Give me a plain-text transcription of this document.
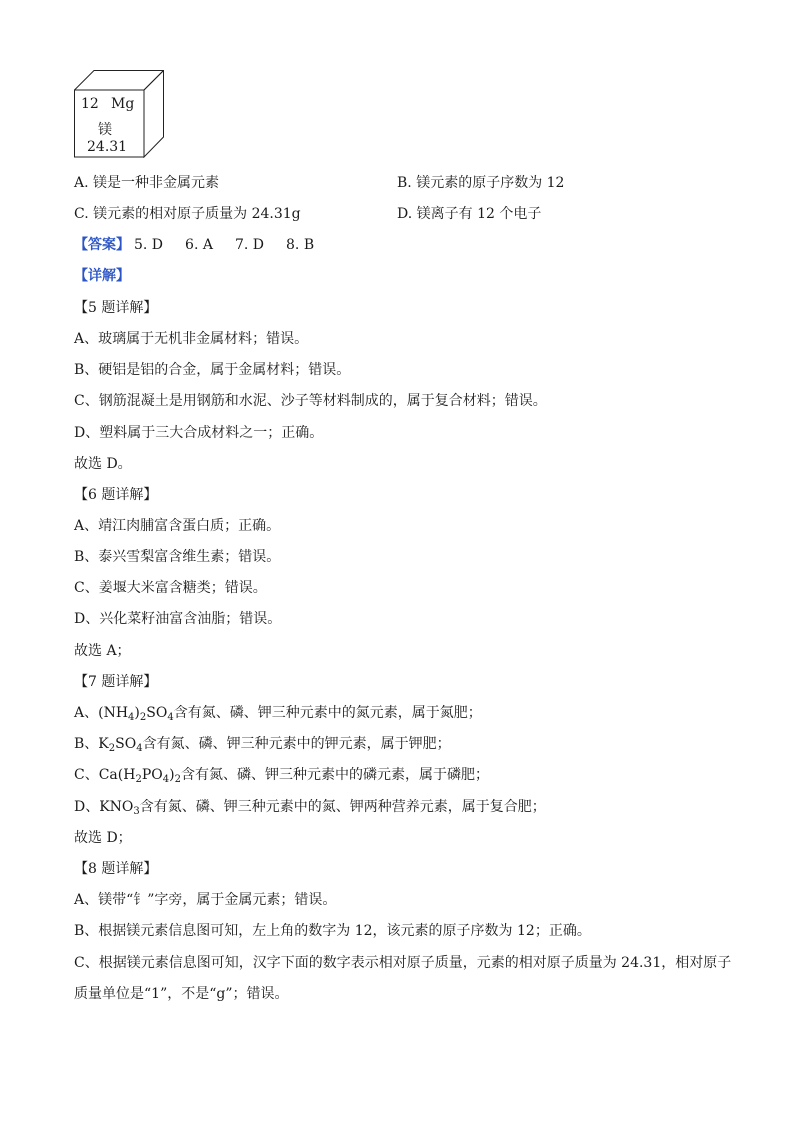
12 Mg
镁
24.31
A. 镁是一种非金属元素	B. 镁元素的原子序数为 12
C. 镁元素的相对原子质量为 24.31g	D. 镁离子有 12 个电子
【答案】 5. D 6. A 7. D 8. B
【详解】
【5 题详解】
A、玻璃属于无机非金属材料；错误。
B、硬铝是铝的合金，属于金属材料；错误。
C、钢筋混凝土是用钢筋和水泥、沙子等材料制成的，属于复合材料；错误。
D、塑料属于三大合成材料之一；正确。
故选 D。
【6 题详解】
A、靖江肉脯富含蛋白质；正确。
B、泰兴雪梨富含维生素；错误。
C、姜堰大米富含糖类；错误。
D、兴化菜籽油富含油脂；错误。
故选 A；
【7 题详解】
A、$(NH_4)_2SO_4$含有氮、磷、钾三种元素中的氮元素，属于氮肥；
B、$K_2SO_4$含有氮、磷、钾三种元素中的钾元素，属于钾肥；
C、$Ca(H_2PO_4)_2$含有氮、磷、钾三种元素中的磷元素，属于磷肥；
D、$KNO_3$含有氮、磷、钾三种元素中的氮、钾两种营养元素，属于复合肥；
故选 D；
【8 题详解】
A、镁带“钅”字旁，属于金属元素；错误。
B、根据镁元素信息图可知，左上角的数字为 12，该元素的原子序数为 12；正确。
C、根据镁元素信息图可知，汉字下面的数字表示相对原子质量，元素的相对原子质量为 24.31，相对原子
质量单位是“1”，不是“g”；错误。
